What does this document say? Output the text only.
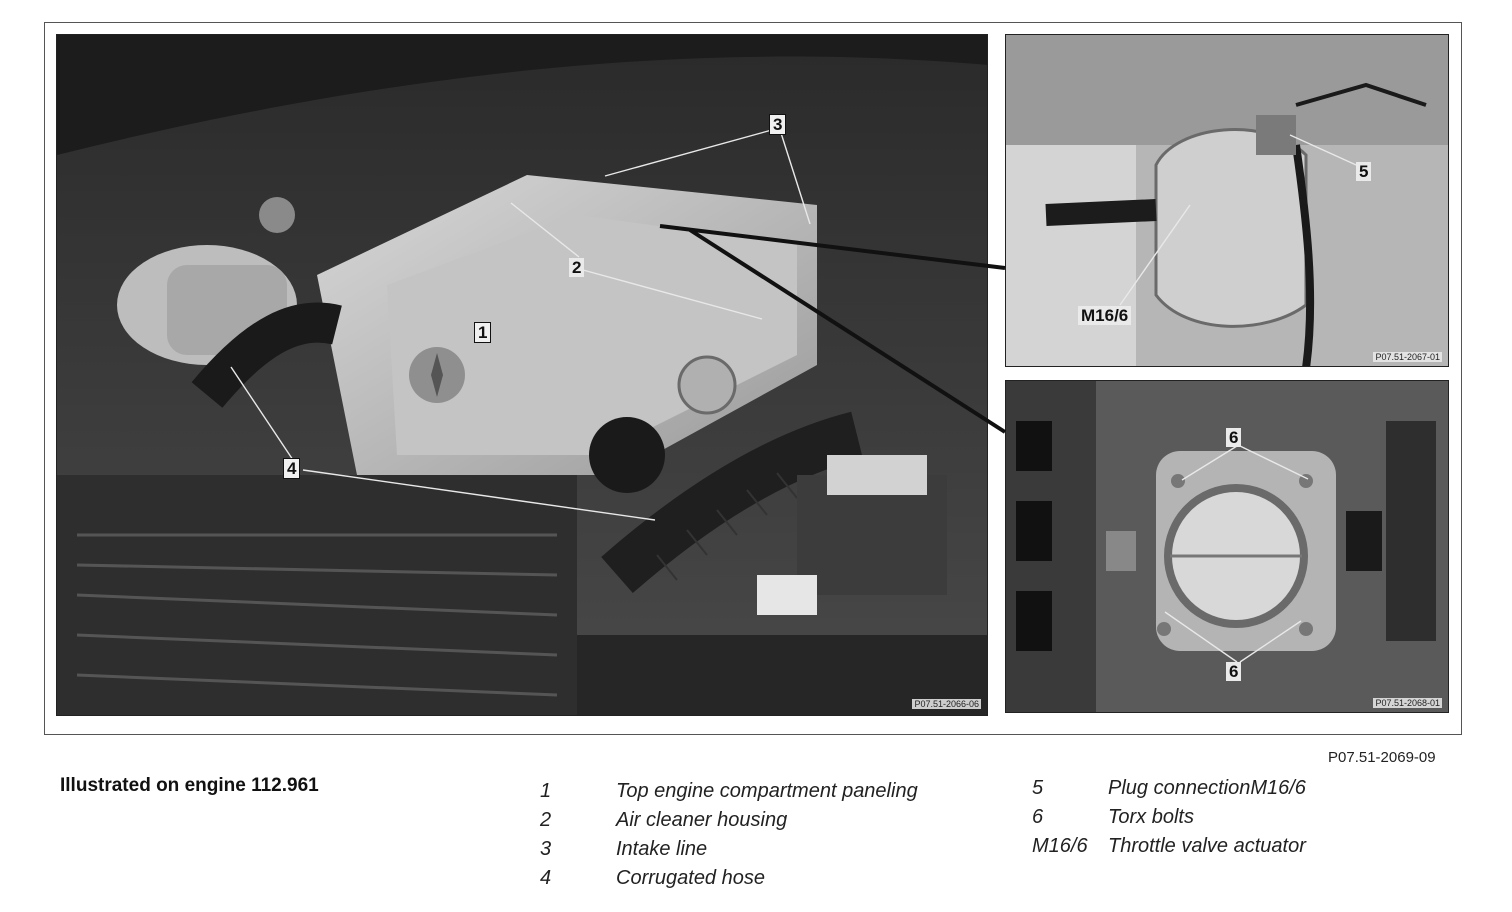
P07.51-2066-06
P07.51-2067-01
P07.51-2068-01
1
2
3
4
5
M16/6
6
6
P07.51-2069-09
Illustrated on engine 112.961	1	Top engine compartment paneling
2	Air cleaner housing
3	Intake line
4	Corrugated hose
5	Plug connectionM16/6
6	Torx bolts
M16/6 Throttle valve actuator
